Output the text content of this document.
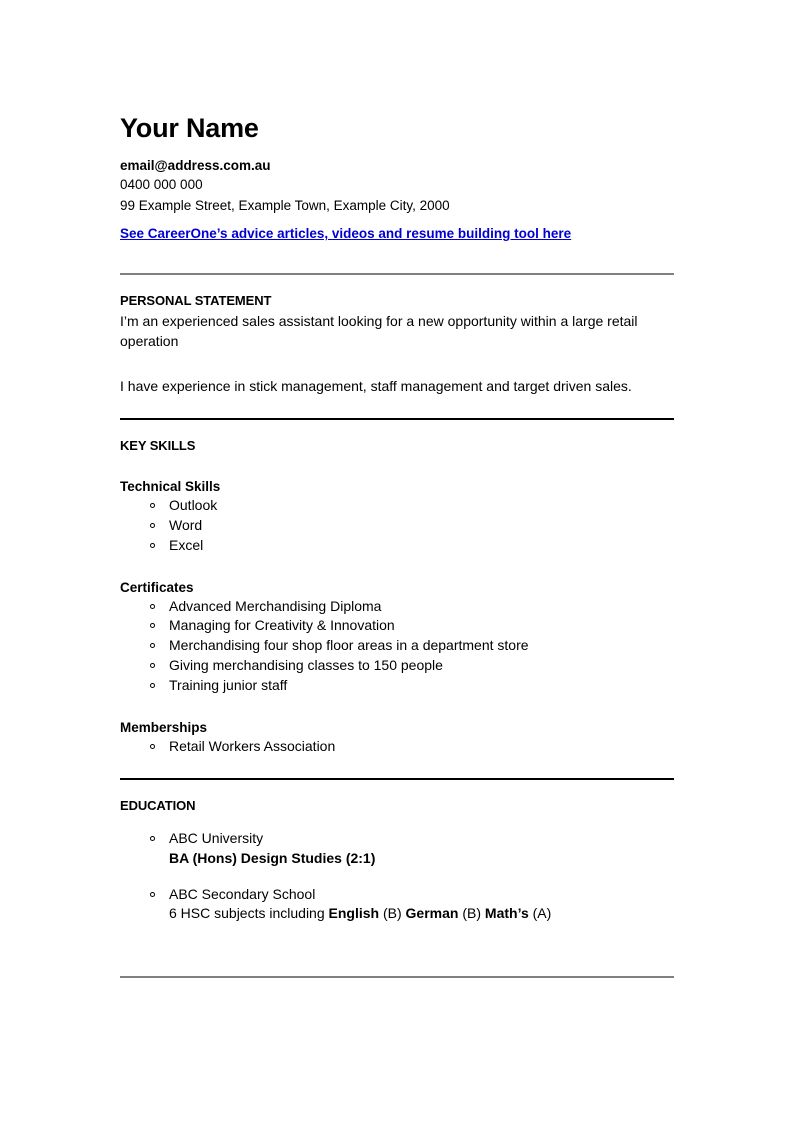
Your Name
email@address.com.au
0400 000 000
99 Example Street, Example Town, Example City, 2000
See CareerOne’s advice articles, videos and resume building tool here
PERSONAL STATEMENT
I’m an experienced sales assistant looking for a new opportunity within a large retail operation
I have experience in stick management, staff management and target driven sales.
KEY SKILLS
Technical Skills
Outlook
Word
Excel
Certificates
Advanced Merchandising Diploma
Managing for Creativity & Innovation
Merchandising four shop floor areas in a department store
Giving merchandising classes to 150 people
Training junior staff
Memberships
Retail Workers Association
EDUCATION
ABC University
BA (Hons) Design Studies (2:1)
ABC Secondary School
6 HSC subjects including English (B) German (B) Math’s (A)
